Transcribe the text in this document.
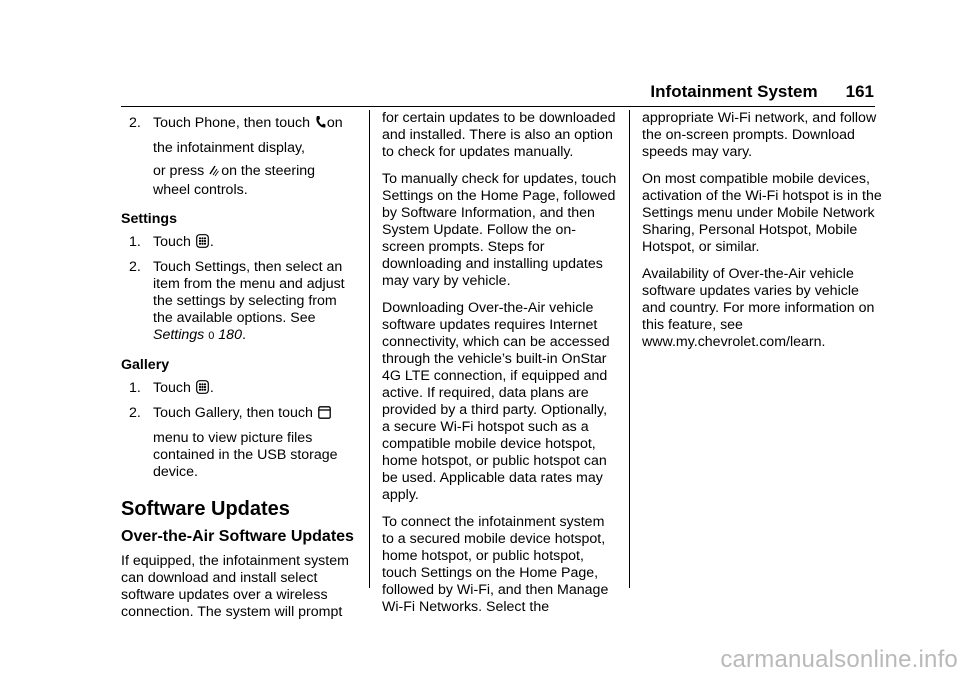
Infotainment System 161
2. Touch Phone, then touch on
the infotainment display,
or press on the steering
wheel controls.
Settings
1. Touch .
2. Touch Settings, then select an item from the menu and adjust the settings by selecting from the available options. See
Settings 0 180.
Gallery
1. Touch .
2. Touch Gallery, then touch
menu to view picture files contained in the USB storage device.
Software Updates
Over-the-Air Software Updates

If equipped, the infotainment system can download and install select software updates over a wireless connection. The system will prompt

for certain updates to be downloaded and installed. There is also an option to check for updates manually.

To manually check for updates, touch Settings on the Home Page, followed by Software Information, and then System Update. Follow the on-screen prompts. Steps for downloading and installing updates may vary by vehicle.

Downloading Over-the-Air vehicle software updates requires Internet connectivity, which can be accessed through the vehicle’s built-in OnStar 4G LTE connection, if equipped and active. If required, data plans are provided by a third party. Optionally, a secure Wi-Fi hotspot such as a compatible mobile device hotspot, home hotspot, or public hotspot can be used. Applicable data rates may apply.

To connect the infotainment system to a secured mobile device hotspot, home hotspot, or public hotspot, touch Settings on the Home Page, followed by Wi-Fi, and then Manage Wi-Fi Networks. Select the

appropriate Wi-Fi network, and follow the on-screen prompts. Download speeds may vary.

On most compatible mobile devices, activation of the Wi-Fi hotspot is in the Settings menu under Mobile Network Sharing, Personal Hotspot, Mobile Hotspot, or similar.

Availability of Over-the-Air vehicle software updates varies by vehicle and country. For more information on this feature, see www.my.chevrolet.com/learn.

carmanualsonline.info
